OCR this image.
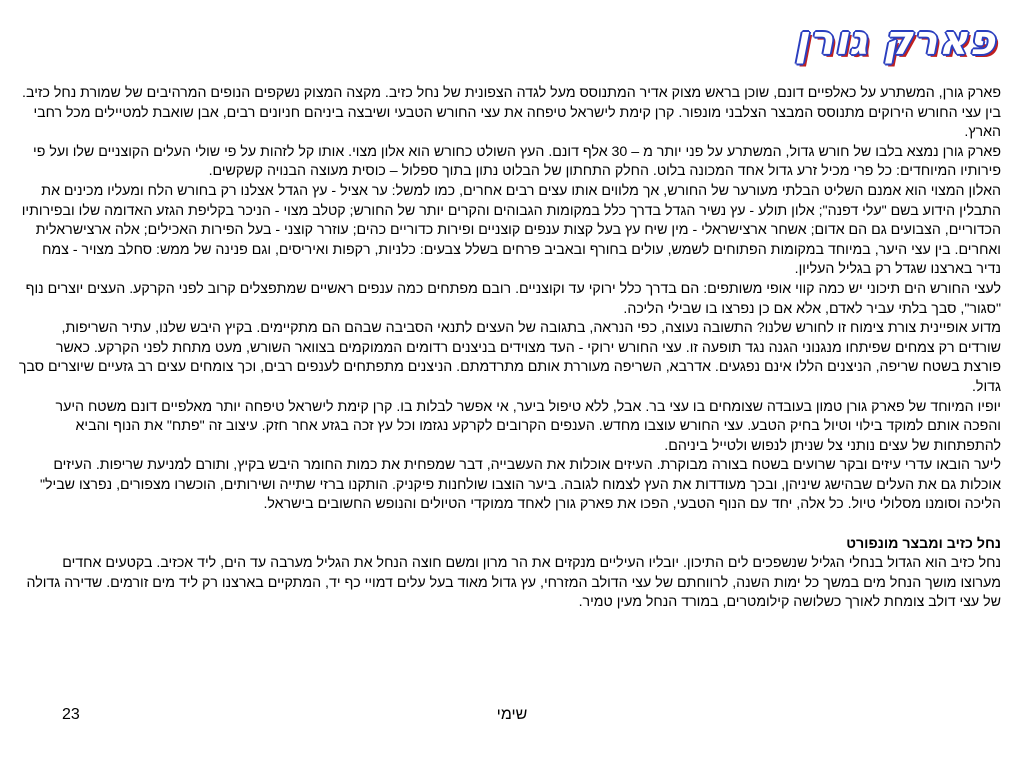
פארק גורן

פארק גורן, המשתרע על כאלפיים דונם, שוכן בראש מצוק אדיר המתנוסס מעל לגדה הצפונית של נחל כזיב. מקצה המצוק נשקפים הנופים המרהיבים של שמורת נחל כזיב. בין עצי החורש הירוקים מתנוסס המבצר הצלבני מונפור. קרן קימת לישראל טיפחה את עצי החורש הטבעי ושיבצה ביניהם חניונים רבים, אבן שואבת למטיילים מכל רחבי הארץ.

פארק גורן נמצא בלבו של חורש גדול, המשתרע על פני יותר מ – 30 אלף דונם. העץ השולט כחורש הוא אלון מצוי. אותו קל לזהות על פי שולי העלים הקוצניים שלו ועל פי פירותיו המיוחדים: כל פרי מכיל זרע גדול אחד המכונה בלוט. החלק התחתון של הבלוט נתון בתוך ספלול – כוסית מעוצה הבנויה קשקשים.

האלון המצוי הוא אמנם השליט הבלתי מעורער של החורש, אך מלווים אותו עצים רבים אחרים, כמו למשל: ער אציל - עץ הגדל אצלנו רק בחורש הלח ומעליו מכינים את התבלין הידוע בשם "עלי דפנה"; אלון תולע - עץ נשיר הגדל בדרך כלל במקומות הגבוהים והקרים יותר של החורש; קטלב מצוי - הניכר בקליפת הגזע האדומה שלו ובפירותיו הכדוריים, הצבועים גם הם אדום; אשחר ארצישראלי - מין שיח עץ בעל קצות ענפים קוצניים ופירות כדוריים כהים; עוזרר קוצני - בעל הפירות האכילים; אלה ארצישראלית ואחרים. בין עצי היער, במיוחד במקומות הפתוחים לשמש, עולים בחורף ובאביב פרחים בשלל צבעים: כלניות, רקפות ואיריסים, וגם פנינה של ממש: סחלב מצויר - צמח נדיר בארצנו שגדל רק בגליל העליון.

לעצי החורש הים תיכוני יש כמה קווי אופי משותפים: הם בדרך כלל ירוקי עד וקוצניים. רובם מפתחים כמה ענפים ראשיים שמתפצלים קרוב לפני הקרקע. העצים יוצרים נוף "סגור", סבך בלתי עביר לאדם, אלא אם כן נפרצו בו שבילי הליכה.

מדוע אופיינית צורת צימוח זו לחורש שלנו? התשובה נעוצה, כפי הנראה, בתגובה של העצים לתנאי הסביבה שבהם הם מתקיימים. בקיץ היבש שלנו, עתיר השריפות, שורדים רק צמחים שפיתחו מנגנוני הגנה נגד תופעה זו. עצי החורש ירוקי - העד מצוידים בניצנים רדומים הממוקמים בצוואר השורש, מעט מתחת לפני הקרקע. כאשר פורצת בשטח שריפה, הניצנים הללו אינם נפגעים. אדרבא, השריפה מעוררת אותם מתרדמתם. הניצנים מתפתחים לענפים רבים, וכך צומחים עצים רב גזעיים שיוצרים סבך גדול.

יופיו המיוחד של פארק גורן טמון בעובדה שצומחים בו עצי בר. אבל, ללא טיפול ביער, אי אפשר לבלות בו. קרן קימת לישראל טיפחה יותר מאלפיים דונם משטח היער והפכה אותם למוקד בילוי וטיול בחיק הטבע. עצי החורש עוצבו מחדש. הענפים הקרובים לקרקע נגזמו וכל עץ זכה בגזע אחר חזק. עיצוב זה "פתח" את הנוף והביא להתפתחות של עצים נותני צל שניתן לנפוש ולטייל ביניהם.

ליער הובאו עדרי עיזים ובקר שרועים בשטח בצורה מבוקרת. העיזים אוכלות את העשבייה, דבר שמפחית את כמות החומר היבש בקיץ, ותורם למניעת שריפות. העיזים אוכלות גם את העלים שבהישג שיניהן, ובכך מעודדות את העץ לצמוח לגובה. ביער הוצבו שולחנות פיקניק. הותקנו ברזי שתייה ושירותים, הוכשרו מצפורים, נפרצו שביל" הליכה וסומנו מסלולי טיול. כל אלה, יחד עם הנוף הטבעי, הפכו את פארק גורן לאחד ממוקדי הטיולים והנופש החשובים בישראל.

נחל כזיב ומבצר מונפורט

נחל כזיב הוא הגדול בנחלי הגליל שנשפכים לים התיכון. יובליו העיליים מנקזים את הר מרון ומשם חוצה הנחל את הגליל מערבה עד הים, ליד אכזיב. בקטעים אחדים מערוצו מושך הנחל מים במשך כל ימות השנה, לרווחתם של עצי הדולב המזרחי, עץ גדול מאוד בעל עלים דמויי כף יד, המתקיים בארצנו רק ליד מים זורמים. שדירה גדולה של עצי דולב צומחת לאורך כשלושה קילומטרים, במורד הנחל מעין טמיר.

שימי
23
